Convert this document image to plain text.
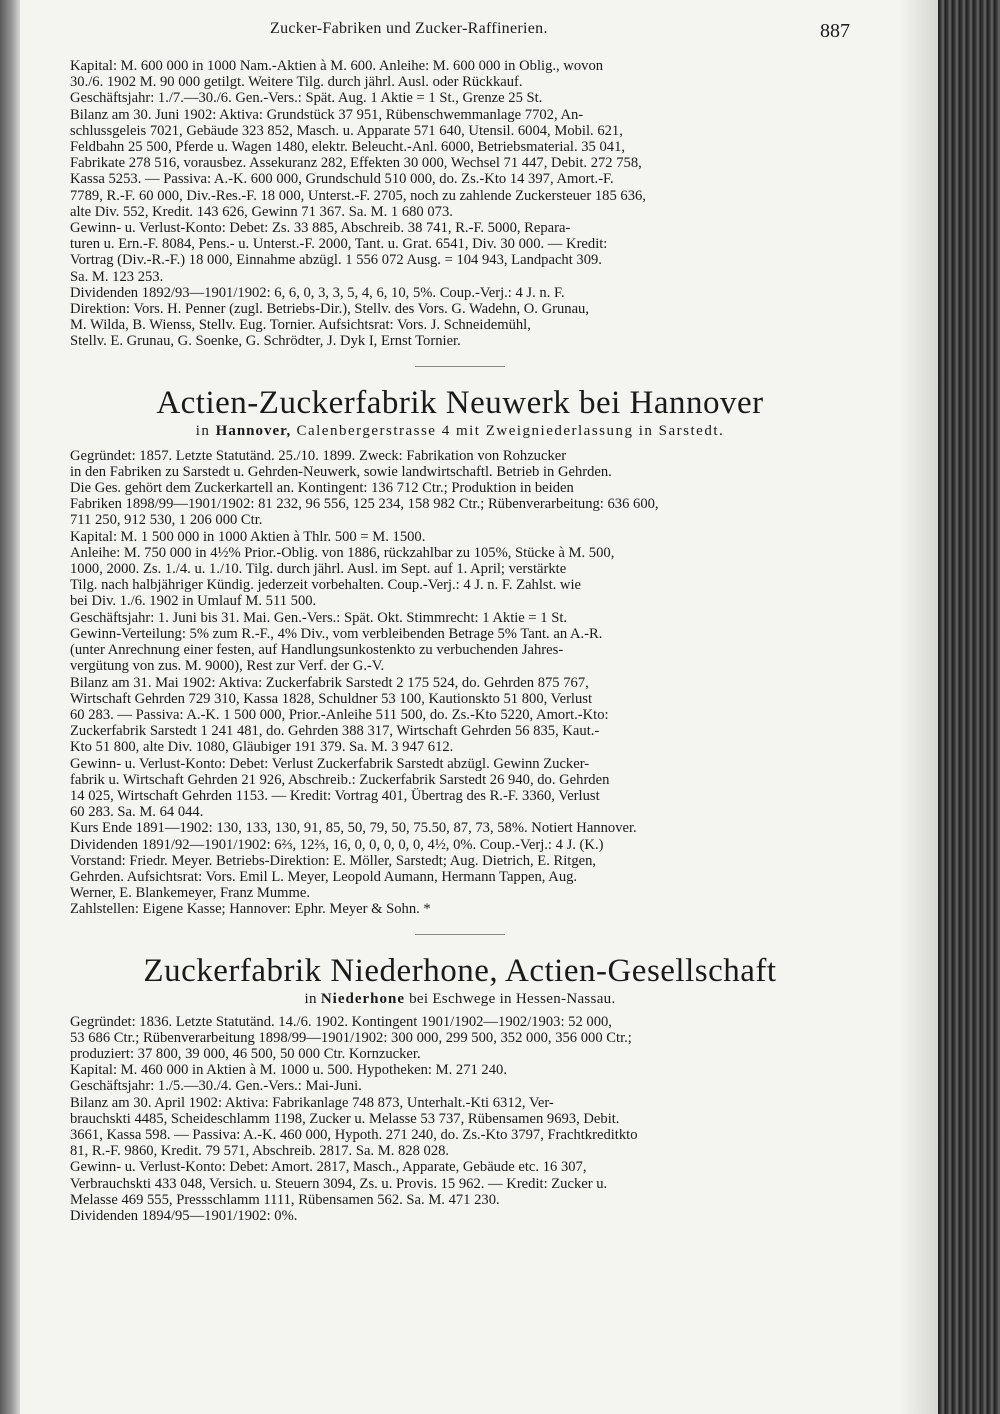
Zucker-Fabriken und Zucker-Raffinerien.	887

Kapital: M. 600 000 in 1000 Nam.-Aktien à M. 600. Anleihe: M. 600 000 in Oblig., wovon

30./6. 1902 M. 90 000 getilgt. Weitere Tilg. durch jährl. Ausl. oder Rückkauf.

Geschäftsjahr: 1./7.—30./6. Gen.-Vers.: Spät. Aug. 1 Aktie = 1 St., Grenze 25 St.

Bilanz am 30. Juni 1902: Aktiva: Grundstück 37 951, Rübenschwemmanlage 7702, An-

schlussgeleis 7021, Gebäude 323 852, Masch. u. Apparate 571 640, Utensil. 6004, Mobil. 621,

Feldbahn 25 500, Pferde u. Wagen 1480, elektr. Beleucht.-Anl. 6000, Betriebsmaterial. 35 041,

Fabrikate 278 516, vorausbez. Assekuranz 282, Effekten 30 000, Wechsel 71 447, Debit. 272 758,

Kassa 5253. — Passiva: A.-K. 600 000, Grundschuld 510 000, do. Zs.-Kto 14 397, Amort.-F.

7789, R.-F. 60 000, Div.-Res.-F. 18 000, Unterst.-F. 2705, noch zu zahlende Zuckersteuer 185 636,

alte Div. 552, Kredit. 143 626, Gewinn 71 367. Sa. M. 1 680 073.

Gewinn- u. Verlust-Konto: Debet: Zs. 33 885, Abschreib. 38 741, R.-F. 5000, Repara-

turen u. Ern.-F. 8084, Pens.- u. Unterst.-F. 2000, Tant. u. Grat. 6541, Div. 30 000. — Kredit:

Vortrag (Div.-R.-F.) 18 000, Einnahme abzügl. 1 556 072 Ausg. = 104 943, Landpacht 309.

Sa. M. 123 253.

Dividenden 1892/93—1901/1902: 6, 6, 0, 3, 3, 5, 4, 6, 10, 5%. Coup.-Verj.: 4 J. n. F.

Direktion: Vors. H. Penner (zugl. Betriebs-Dir.), Stellv. des Vors. G. Wadehn, O. Grunau,

M. Wilda, B. Wienss, Stellv. Eug. Tornier. Aufsichtsrat: Vors. J. Schneidemühl,

Stellv. E. Grunau, G. Soenke, G. Schrödter, J. Dyk I, Ernst Tornier.

Actien-Zuckerfabrik Neuwerk bei Hannover
in Hannover, Calenbergerstrasse 4 mit Zweigniederlassung in Sarstedt.

Gegründet: 1857. Letzte Statutänd. 25./10. 1899. Zweck: Fabrikation von Rohzucker

in den Fabriken zu Sarstedt u. Gehrden-Neuwerk, sowie landwirtschaftl. Betrieb in Gehrden.

Die Ges. gehört dem Zuckerkartell an. Kontingent: 136 712 Ctr.; Produktion in beiden

Fabriken 1898/99—1901/1902: 81 232, 96 556, 125 234, 158 982 Ctr.; Rübenverarbeitung: 636 600,

711 250, 912 530, 1 206 000 Ctr.

Kapital: M. 1 500 000 in 1000 Aktien à Thlr. 500 = M. 1500.

Anleihe: M. 750 000 in 4½% Prior.-Oblig. von 1886, rückzahlbar zu 105%, Stücke à M. 500,

1000, 2000. Zs. 1./4. u. 1./10. Tilg. durch jährl. Ausl. im Sept. auf 1. April; verstärkte

Tilg. nach halbjähriger Kündig. jederzeit vorbehalten. Coup.-Verj.: 4 J. n. F. Zahlst. wie

bei Div. 1./6. 1902 in Umlauf M. 511 500.

Geschäftsjahr: 1. Juni bis 31. Mai. Gen.-Vers.: Spät. Okt. Stimmrecht: 1 Aktie = 1 St.

Gewinn-Verteilung: 5% zum R.-F., 4% Div., vom verbleibenden Betrage 5% Tant. an A.-R.

(unter Anrechnung einer festen, auf Handlungsunkostenkto zu verbuchenden Jahres-

vergütung von zus. M. 9000), Rest zur Verf. der G.-V.

Bilanz am 31. Mai 1902: Aktiva: Zuckerfabrik Sarstedt 2 175 524, do. Gehrden 875 767,

Wirtschaft Gehrden 729 310, Kassa 1828, Schuldner 53 100, Kautionskto 51 800, Verlust

60 283. — Passiva: A.-K. 1 500 000, Prior.-Anleihe 511 500, do. Zs.-Kto 5220, Amort.-Kto:

Zuckerfabrik Sarstedt 1 241 481, do. Gehrden 388 317, Wirtschaft Gehrden 56 835, Kaut.-

Kto 51 800, alte Div. 1080, Gläubiger 191 379. Sa. M. 3 947 612.

Gewinn- u. Verlust-Konto: Debet: Verlust Zuckerfabrik Sarstedt abzügl. Gewinn Zucker-

fabrik u. Wirtschaft Gehrden 21 926, Abschreib.: Zuckerfabrik Sarstedt 26 940, do. Gehrden

14 025, Wirtschaft Gehrden 1153. — Kredit: Vortrag 401, Übertrag des R.-F. 3360, Verlust

60 283. Sa. M. 64 044.

Kurs Ende 1891—1902: 130, 133, 130, 91, 85, 50, 79, 50, 75.50, 87, 73, 58%. Notiert Hannover.

Dividenden 1891/92—1901/1902: 6⅔, 12⅔, 16, 0, 0, 0, 0, 0, 4½, 0%. Coup.-Verj.: 4 J. (K.)

Vorstand: Friedr. Meyer. Betriebs-Direktion: E. Möller, Sarstedt; Aug. Dietrich, E. Ritgen,

Gehrden. Aufsichtsrat: Vors. Emil L. Meyer, Leopold Aumann, Hermann Tappen, Aug.

Werner, E. Blankemeyer, Franz Mumme.

Zahlstellen: Eigene Kasse; Hannover: Ephr. Meyer & Sohn. *

Zuckerfabrik Niederhone, Actien-Gesellschaft
in Niederhone bei Eschwege in Hessen-Nassau.

Gegründet: 1836. Letzte Statutänd. 14./6. 1902. Kontingent 1901/1902—1902/1903: 52 000,

53 686 Ctr.; Rübenverarbeitung 1898/99—1901/1902: 300 000, 299 500, 352 000, 356 000 Ctr.;

produziert: 37 800, 39 000, 46 500, 50 000 Ctr. Kornzucker.

Kapital: M. 460 000 in Aktien à M. 1000 u. 500. Hypotheken: M. 271 240.

Geschäftsjahr: 1./5.—30./4. Gen.-Vers.: Mai-Juni.

Bilanz am 30. April 1902: Aktiva: Fabrikanlage 748 873, Unterhalt.-Kti 6312, Ver-

brauchskti 4485, Scheideschlamm 1198, Zucker u. Melasse 53 737, Rübensamen 9693, Debit.

3661, Kassa 598. — Passiva: A.-K. 460 000, Hypoth. 271 240, do. Zs.-Kto 3797, Frachtkreditkto

81, R.-F. 9860, Kredit. 79 571, Abschreib. 2817. Sa. M. 828 028.

Gewinn- u. Verlust-Konto: Debet: Amort. 2817, Masch., Apparate, Gebäude etc. 16 307,

Verbrauchskti 433 048, Versich. u. Steuern 3094, Zs. u. Provis. 15 962. — Kredit: Zucker u.

Melasse 469 555, Pressschlamm 1111, Rübensamen 562. Sa. M. 471 230.

Dividenden 1894/95—1901/1902: 0%.
